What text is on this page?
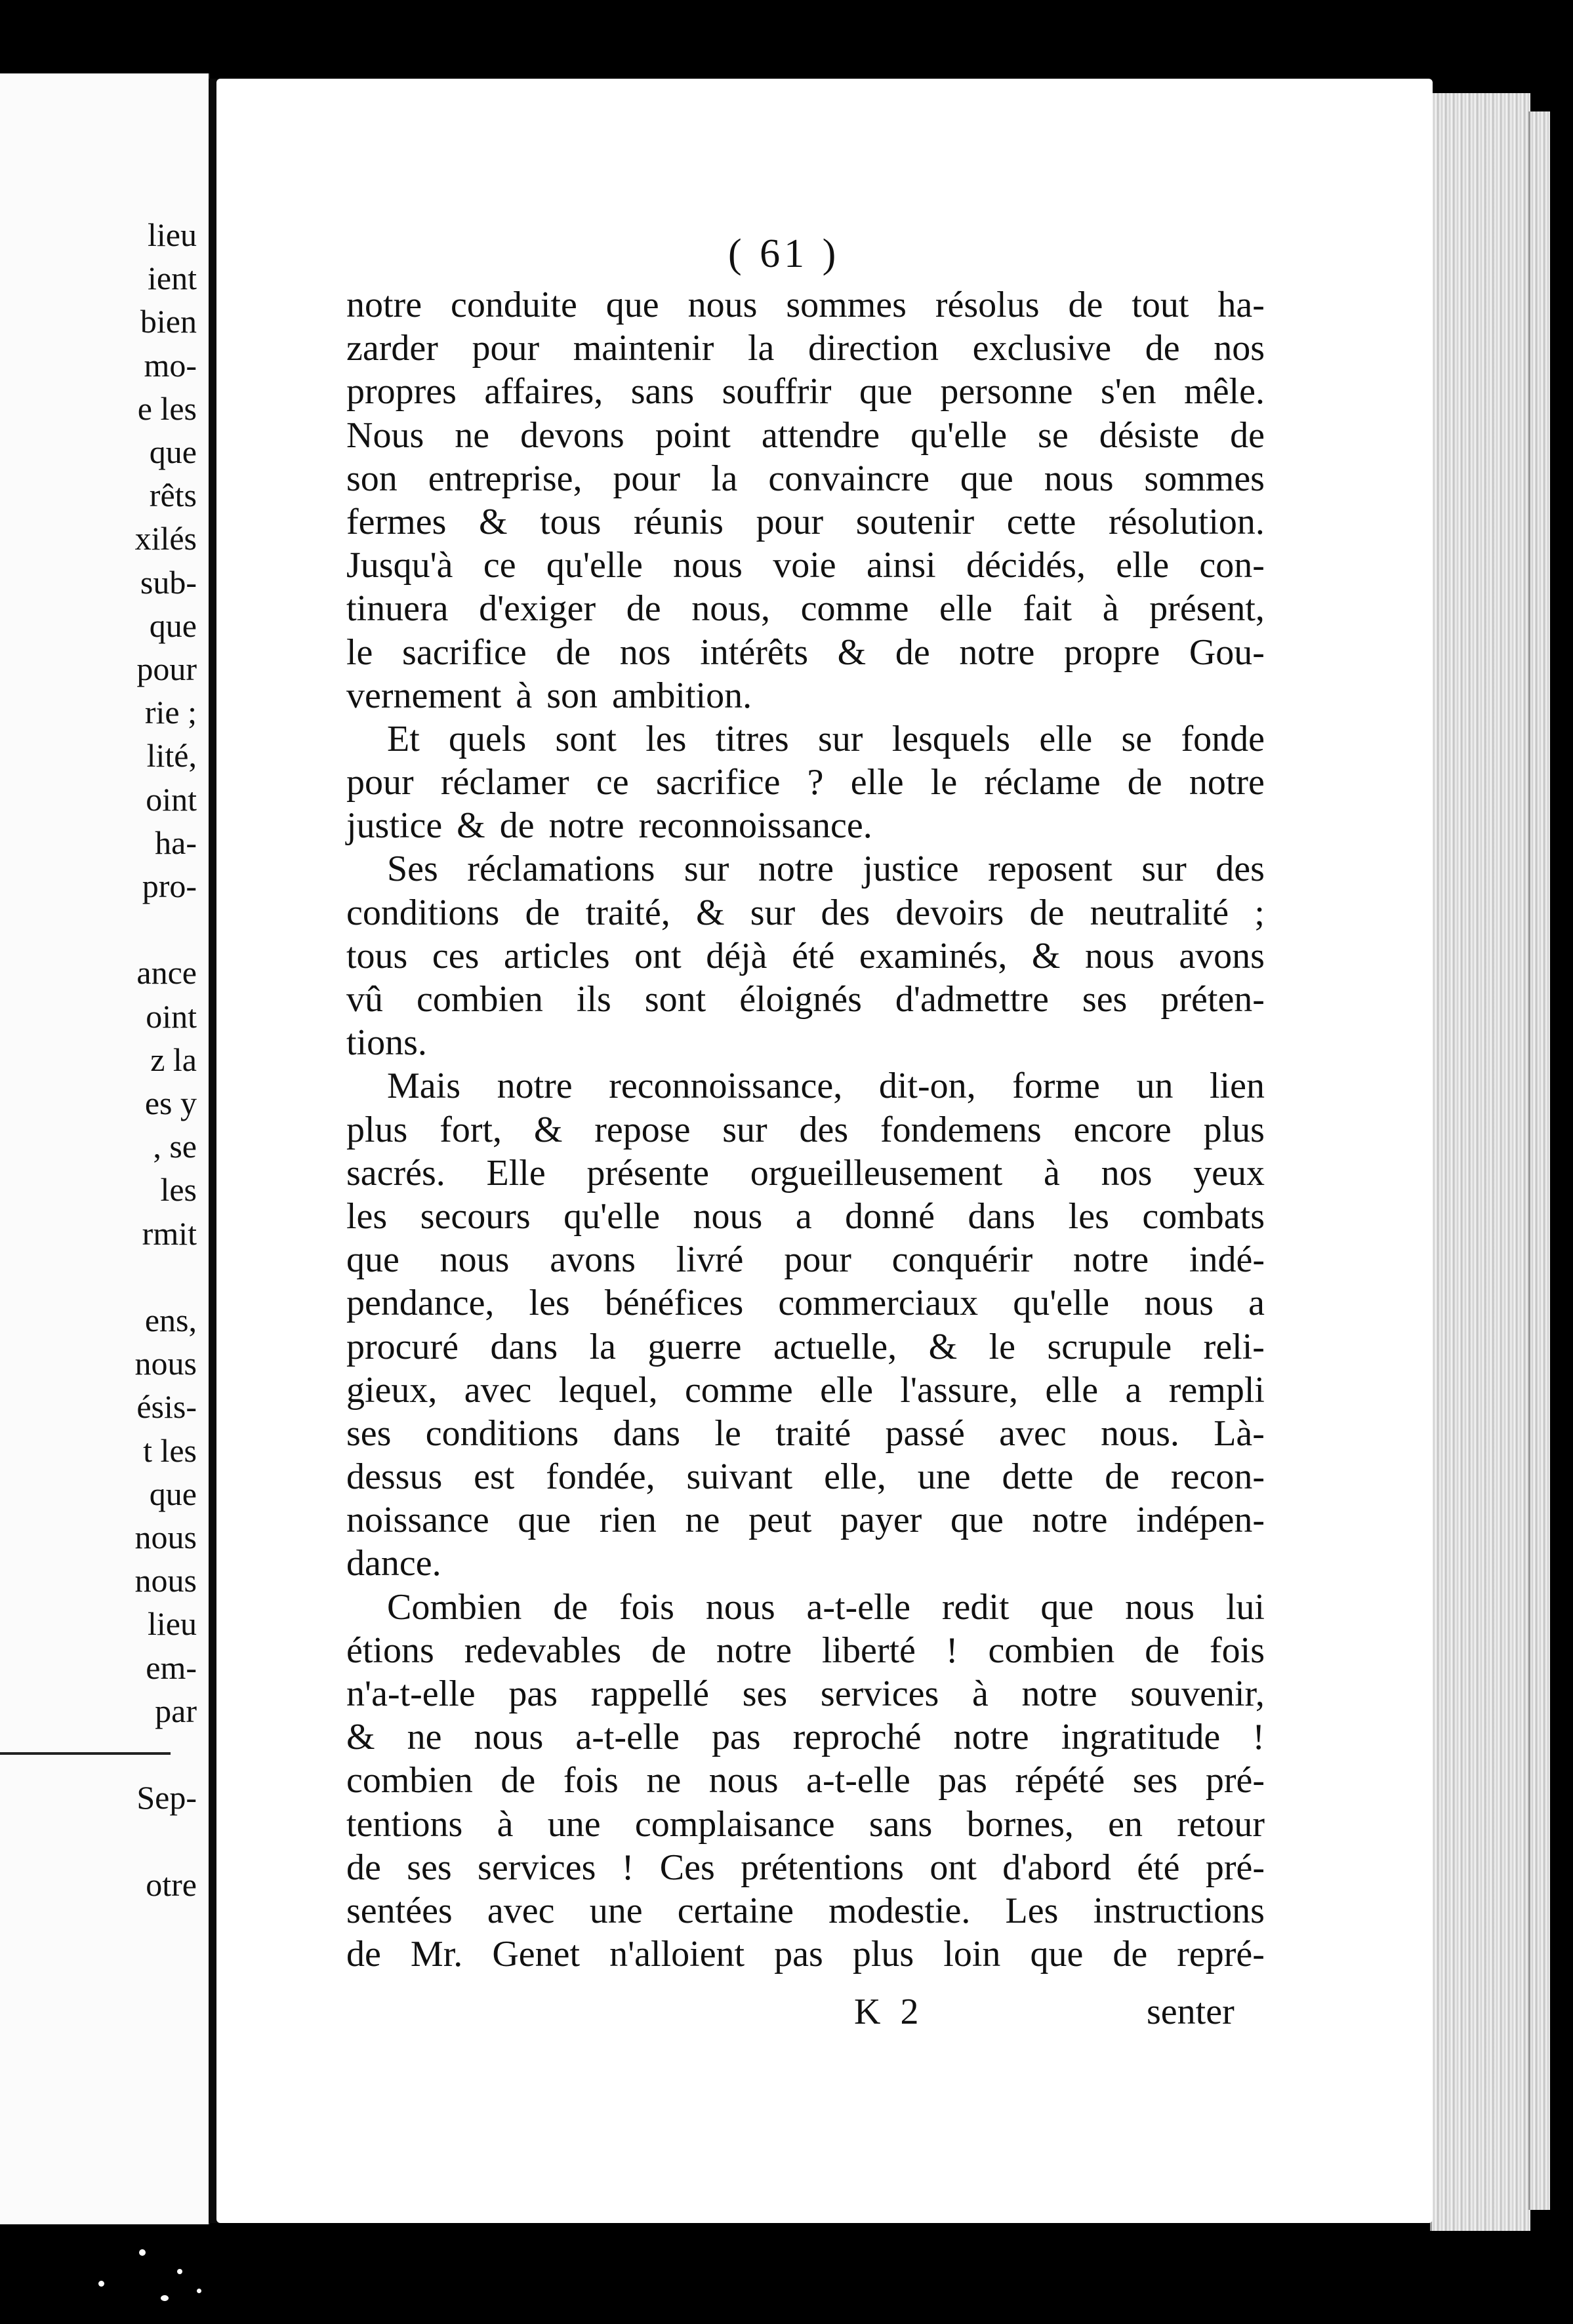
lieu
ient
bien
mo-
e les
que
rêts
xilés
sub-
que
pour
rie ;
lité,
oint
ha-
pro-
ance
oint
z la
es y
, se
les
rmit
ens,
nous
ésis-
t les
que
nous
nous
lieu
em-
par
Sep-
otre
( 61 )
notre conduite que nous sommes résolus de tout ha-
zarder pour maintenir la direction exclusive de nos
propres affaires, sans souffrir que personne s'en mêle.
Nous ne devons point attendre qu'elle se désiste de
son entreprise, pour la convaincre que nous sommes
fermes & tous réunis pour soutenir cette résolution.
Jusqu'à ce qu'elle nous voie ainsi décidés, elle con-
tinuera d'exiger de nous, comme elle fait à présent,
le sacrifice de nos intérêts & de notre propre Gou-
vernement à son ambition.
Et quels sont les titres sur lesquels elle se fonde
pour réclamer ce sacrifice ? elle le réclame de notre
justice & de notre reconnoissance.
Ses réclamations sur notre justice reposent sur des
conditions de traité, & sur des devoirs de neutralité ;
tous ces articles ont déjà été examinés, & nous avons
vû combien ils sont éloignés d'admettre ses préten-
tions.
Mais notre reconnoissance, dit-on, forme un lien
plus fort, & repose sur des fondemens encore plus
sacrés. Elle présente orgueilleusement à nos yeux
les secours qu'elle nous a donné dans les combats
que nous avons livré pour conquérir notre indé-
pendance, les bénéfices commerciaux qu'elle nous a
procuré dans la guerre actuelle, & le scrupule reli-
gieux, avec lequel, comme elle l'assure, elle a rempli
ses conditions dans le traité passé avec nous. Là-
dessus est fondée, suivant elle, une dette de recon-
noissance que rien ne peut payer que notre indépen-
dance.
Combien de fois nous a-t-elle redit que nous lui
étions redevables de notre liberté ! combien de fois
n'a-t-elle pas rappellé ses services à notre souvenir,
& ne nous a-t-elle pas reproché notre ingratitude !
combien de fois ne nous a-t-elle pas répété ses pré-
tentions à une complaisance sans bornes, en retour
de ses services ! Ces prétentions ont d'abord été pré-
sentées avec une certaine modestie. Les instructions
de Mr. Genet n'alloient pas plus loin que de repré-
K 2	senter
